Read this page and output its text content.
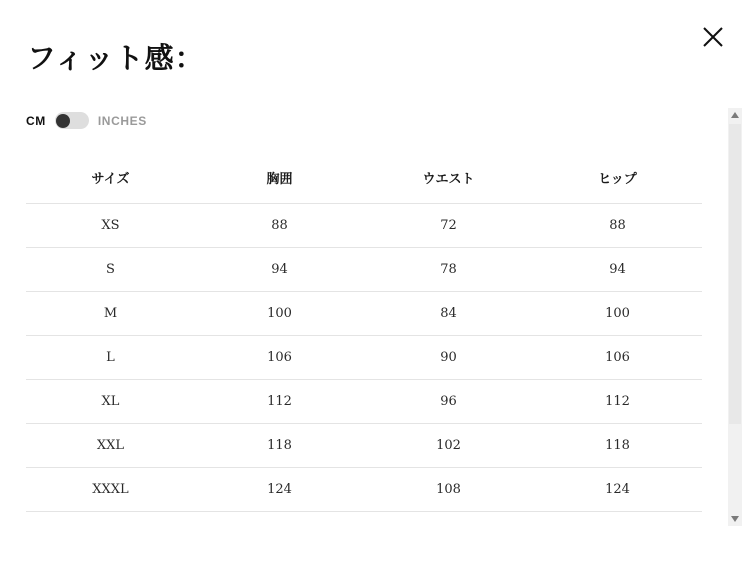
フィット感：
CM	INCHES
サイズ	胸囲	ウエスト	ヒップ
XS	88	72	88
S	94	78	94
M	100	84	100
L	106	90	106
XL	112	96	112
XXL	118	102	118
XXXL	124	108	124
